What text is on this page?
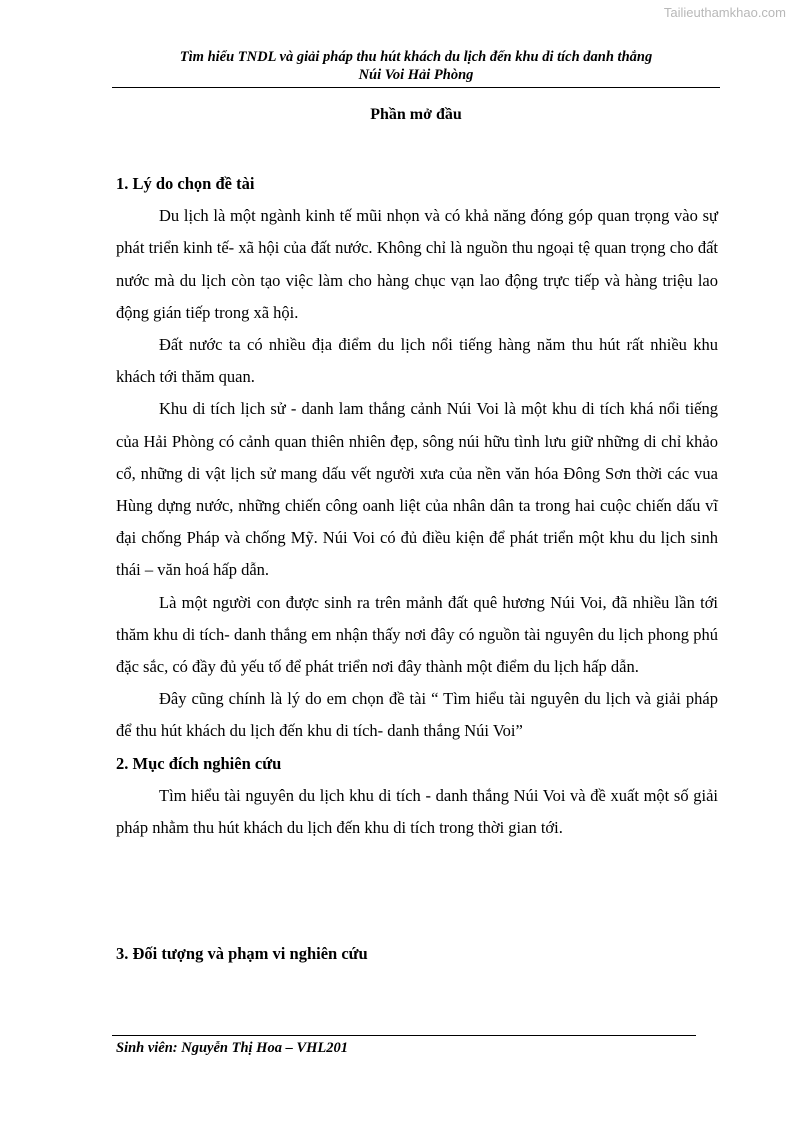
Tailieuthamkhao.com
Tìm hiểu TNDL và giải pháp thu hút khách du lịch đến khu di tích danh thắng
Núi Voi Hải Phòng
Phần mở đầu
1. Lý do chọn đề tài

Du lịch là một ngành kinh tế mũi nhọn và có khả năng đóng góp quan trọng vào sự phát triển kinh tế- xã hội của đất nước. Không chỉ là nguồn thu ngoại tệ quan trọng cho đất nước mà du lịch còn tạo việc làm cho hàng chục vạn lao động trực tiếp và hàng triệu lao động gián tiếp trong xã hội.

Đất nước ta có nhiều địa điểm du lịch nổi tiếng hàng năm thu hút rất nhiều khu khách tới thăm quan.

Khu di tích lịch sử - danh lam thắng cảnh Núi Voi là một khu di tích khá nổi tiếng của Hải Phòng có cảnh quan thiên nhiên đẹp, sông núi hữu tình lưu giữ những di chỉ khảo cổ, những di vật lịch sử mang dấu vết người xưa của nền văn hóa Đông Sơn thời các vua Hùng dựng nước, những chiến công oanh liệt của nhân dân ta trong hai cuộc chiến dấu vĩ đại chống Pháp và chống Mỹ. Núi Voi có đủ điều kiện để phát triển một khu du lịch sinh thái – văn hoá hấp dẫn.

Là một người con được sinh ra trên mảnh đất quê hương Núi Voi, đã nhiều lần tới thăm khu di tích- danh thắng em nhận thấy nơi đây có nguồn tài nguyên du lịch phong phú đặc sắc, có đầy đủ yếu tố để phát triển nơi đây thành một điểm du lịch hấp dẫn.

Đây cũng chính là lý do em chọn đề tài “ Tìm hiểu tài nguyên du lịch và giải pháp để thu hút khách du lịch đến khu di tích- danh thắng Núi Voi”

2. Mục đích nghiên cứu

Tìm hiểu tài nguyên du lịch khu di tích - danh thắng Núi Voi và đề xuất một số giải pháp nhằm thu hút khách du lịch đến khu di tích trong thời gian tới.

3. Đối tượng và phạm vi nghiên cứu
Sinh viên: Nguyễn Thị Hoa – VHL201
